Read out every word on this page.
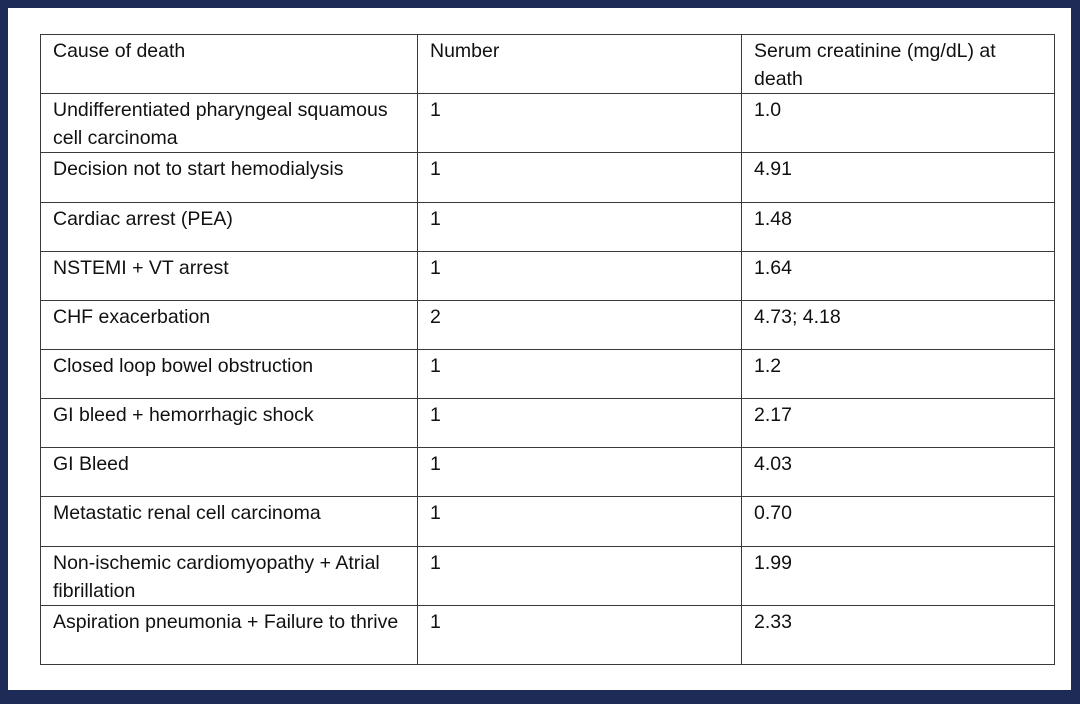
Cause of death	Number	Serum creatinine (mg/dL) at death
Undifferentiated pharyngeal squamous cell carcinoma	1	1.0
Decision not to start hemodialysis	1	4.91
Cardiac arrest (PEA)	1	1.48
NSTEMI + VT arrest	1	1.64
CHF exacerbation	2	4.73; 4.18
Closed loop bowel obstruction	1	1.2
GI bleed + hemorrhagic shock	1	2.17
GI Bleed	1	4.03
Metastatic renal cell carcinoma	1	0.70
Non-ischemic cardiomyopathy + Atrial fibrillation	1	1.99
Aspiration pneumonia + Failure to thrive	1	2.33
